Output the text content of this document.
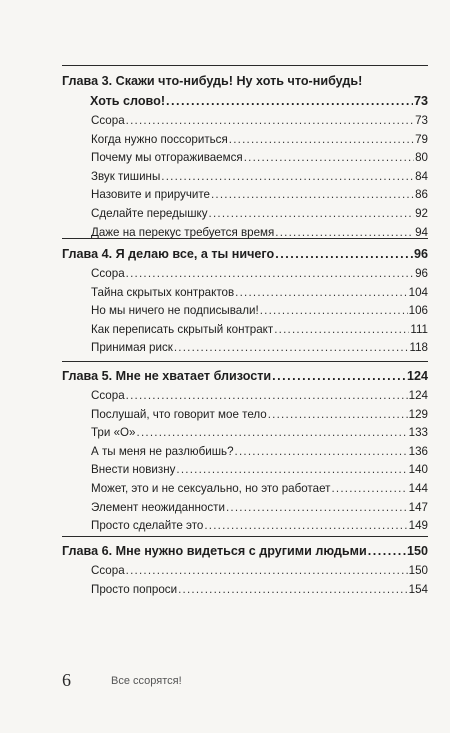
Глава 3. Скажи что-нибудь! Ну хоть что-нибудь!
Хоть слово! . . .	73
Ссора . . .	73
Когда нужно поссориться . . .	79
Почему мы отгораживаемся . . .	80
Звук тишины . . .	84
Назовите и приручите . . .	86
Сделайте передышку . . .	92
Даже на перекус требуется время . . .	94
Глава 4. Я делаю все, а ты ничего . . .	96
Ссора . . .	96
Тайна скрытых контрактов . . .	104
Но мы ничего не подписывали! . . .	106
Как переписать скрытый контракт . . .	111
Принимая риск . . .	118
Глава 5. Мне не хватает близости . . .	124
Ссора . . .	124
Послушай, что говорит мое тело . . .	129
Три «О» . . .	133
А ты меня не разлюбишь? . . .	136
Внести новизну . . .	140
Может, это и не сексуально, но это работает . . .	144
Элемент неожиданности . . .	147
Просто сделайте это . . .	149
Глава 6. Мне нужно видеться с другими людьми . . .	150
Ссора . . .	150
Просто попроси . . .	154
6	Все ссорятся!
